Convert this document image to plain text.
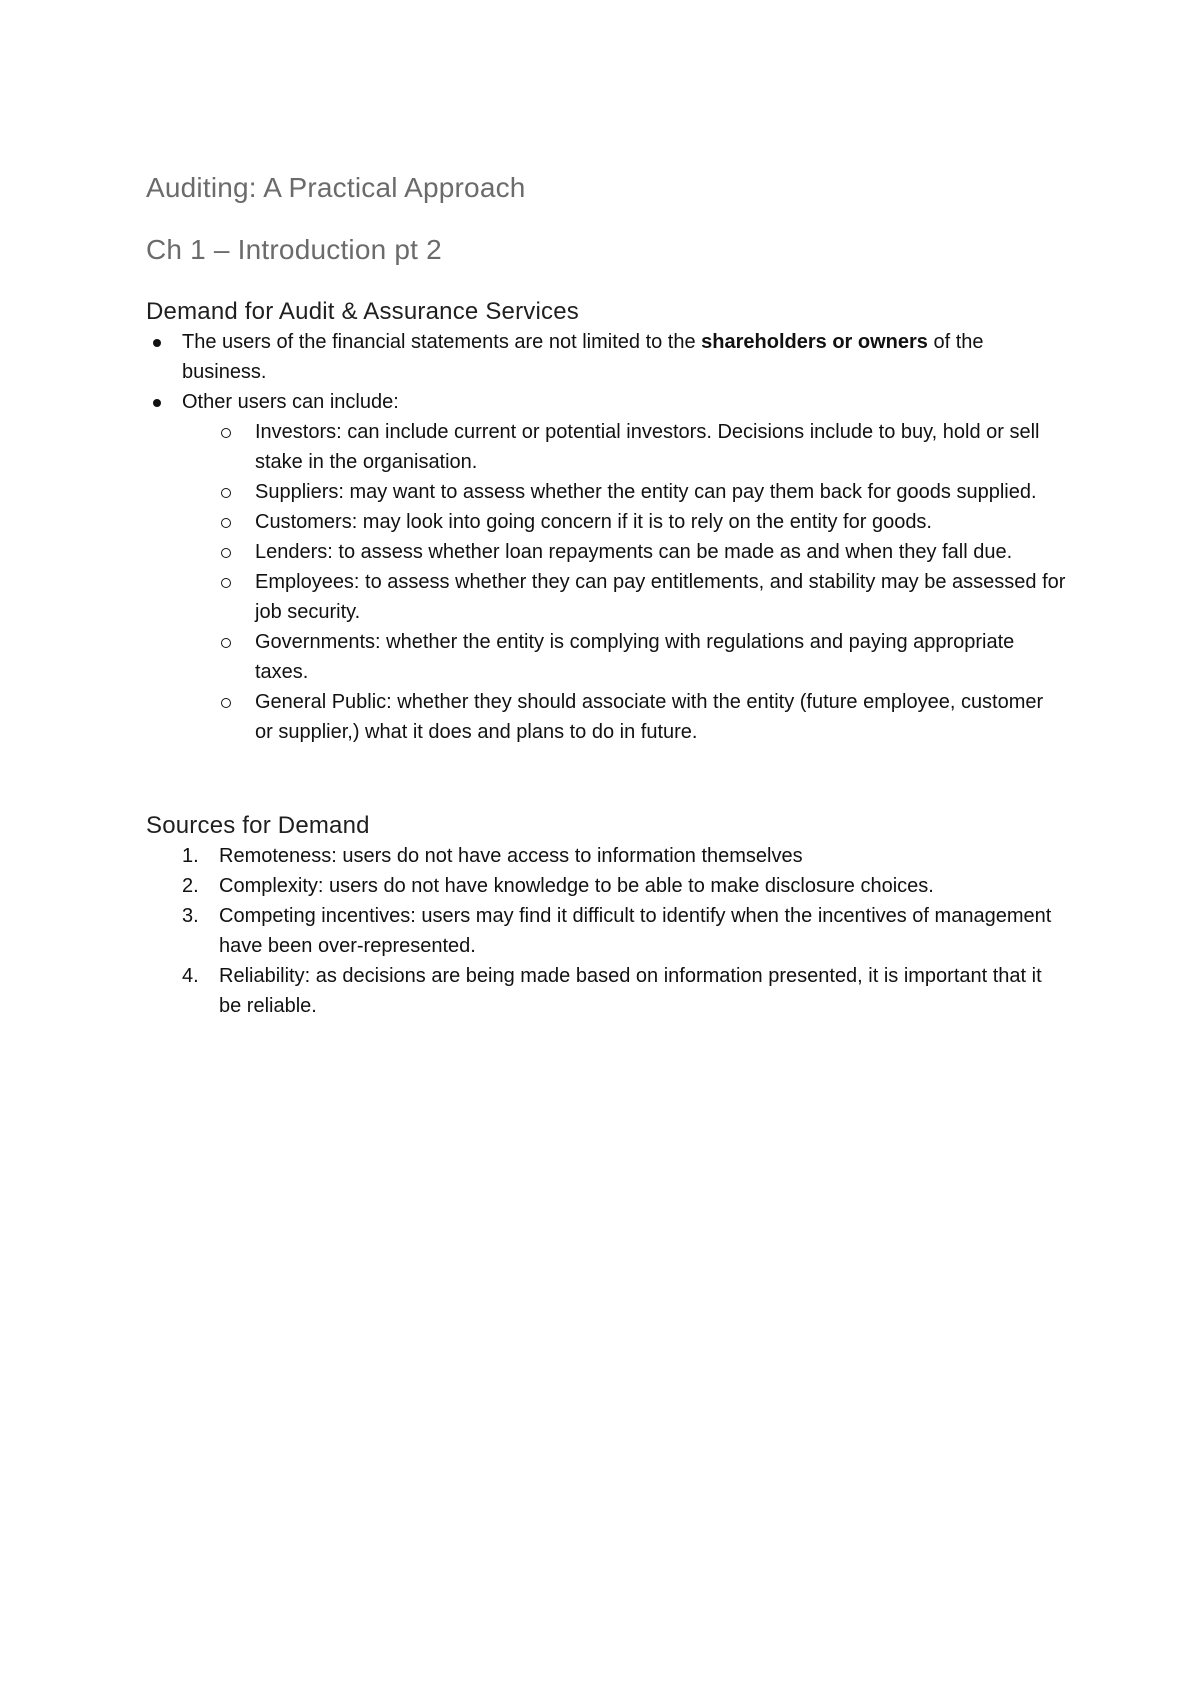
Auditing: A Practical Approach
Ch 1 – Introduction pt 2
Demand for Audit & Assurance Services
The users of the financial statements are not limited to the shareholders or owners of the business.
Other users can include:
Investors: can include current or potential investors. Decisions include to buy, hold or sell stake in the organisation.
Suppliers: may want to assess whether the entity can pay them back for goods supplied.
Customers: may look into going concern if it is to rely on the entity for goods.
Lenders: to assess whether loan repayments can be made as and when they fall due.
Employees: to assess whether they can pay entitlements, and stability may be assessed for job security.
Governments: whether the entity is complying with regulations and paying appropriate taxes.
General Public: whether they should associate with the entity (future employee, customer or supplier,) what it does and plans to do in future.
Sources for Demand
1. Remoteness: users do not have access to information themselves
2. Complexity: users do not have knowledge to be able to make disclosure choices.
3. Competing incentives: users may find it difficult to identify when the incentives of management have been over-represented.
4. Reliability: as decisions are being made based on information presented, it is important that it be reliable.
